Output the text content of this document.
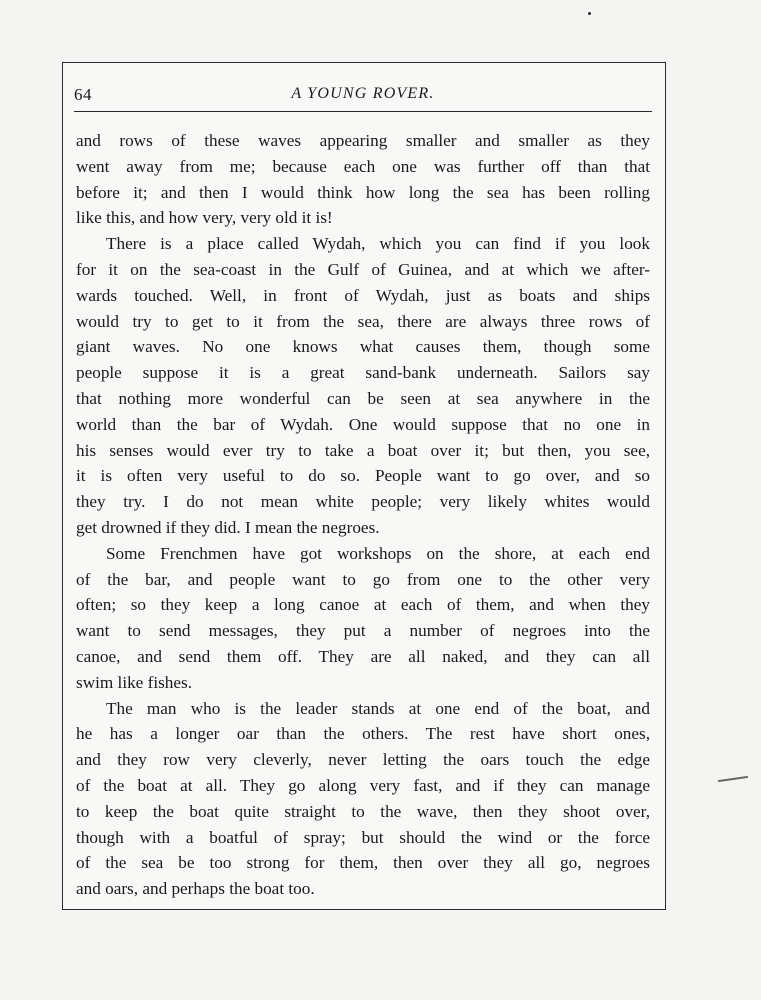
64	A YOUNG ROVER.
and rows of these waves appearing smaller and smaller as they
went away from me; because each one was further off than that
before it; and then I would think how long the sea has been rolling
like this, and how very, very old it is!
There is a place called Wydah, which you can find if you look
for it on the sea-coast in the Gulf of Guinea, and at which we after-
wards touched. Well, in front of Wydah, just as boats and ships
would try to get to it from the sea, there are always three rows of
giant waves. No one knows what causes them, though some
people suppose it is a great sand-bank underneath. Sailors say
that nothing more wonderful can be seen at sea anywhere in the
world than the bar of Wydah. One would suppose that no one in
his senses would ever try to take a boat over it; but then, you see,
it is often very useful to do so. People want to go over, and so
they try. I do not mean white people; very likely whites would
get drowned if they did. I mean the negroes.
Some Frenchmen have got workshops on the shore, at each end
of the bar, and people want to go from one to the other very
often; so they keep a long canoe at each of them, and when they
want to send messages, they put a number of negroes into the
canoe, and send them off. They are all naked, and they can all
swim like fishes.
The man who is the leader stands at one end of the boat, and
he has a longer oar than the others. The rest have short ones,
and they row very cleverly, never letting the oars touch the edge
of the boat at all. They go along very fast, and if they can manage
to keep the boat quite straight to the wave, then they shoot over,
though with a boatful of spray; but should the wind or the force
of the sea be too strong for them, then over they all go, negroes
and oars, and perhaps the boat too.
